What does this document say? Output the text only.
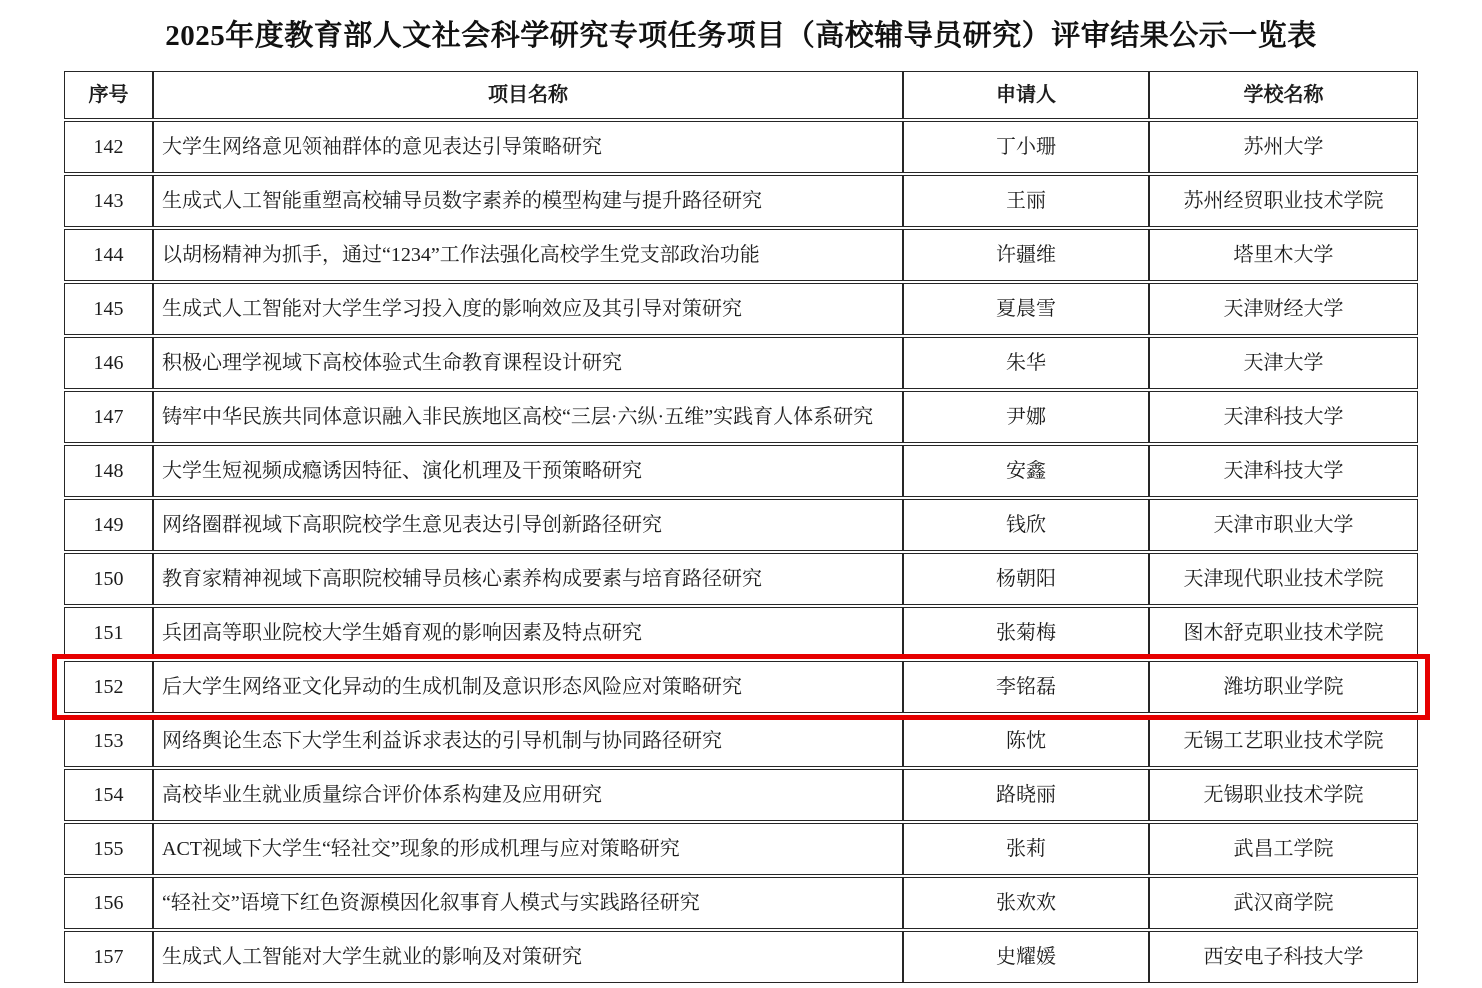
2025年度教育部人文社会科学研究专项任务项目（高校辅导员研究）评审结果公示一览表
序号	项目名称	申请人	学校名称
142	大学生网络意见领袖群体的意见表达引导策略研究	丁小珊	苏州大学
143	生成式人工智能重塑高校辅导员数字素养的模型构建与提升路径研究	王丽	苏州经贸职业技术学院
144	以胡杨精神为抓手，通过“1234”工作法强化高校学生党支部政治功能	许疆维	塔里木大学
145	生成式人工智能对大学生学习投入度的影响效应及其引导对策研究	夏晨雪	天津财经大学
146	积极心理学视域下高校体验式生命教育课程设计研究	朱华	天津大学
147	铸牢中华民族共同体意识融入非民族地区高校“三层·六纵·五维”实践育人体系研究	尹娜	天津科技大学
148	大学生短视频成瘾诱因特征、演化机理及干预策略研究	安鑫	天津科技大学
149	网络圈群视域下高职院校学生意见表达引导创新路径研究	钱欣	天津市职业大学
150	教育家精神视域下高职院校辅导员核心素养构成要素与培育路径研究	杨朝阳	天津现代职业技术学院
151	兵团高等职业院校大学生婚育观的影响因素及特点研究	张菊梅	图木舒克职业技术学院
152	后大学生网络亚文化异动的生成机制及意识形态风险应对策略研究	李铭磊	潍坊职业学院
153	网络舆论生态下大学生利益诉求表达的引导机制与协同路径研究	陈忱	无锡工艺职业技术学院
154	高校毕业生就业质量综合评价体系构建及应用研究	路晓丽	无锡职业技术学院
155	ACT视域下大学生“轻社交”现象的形成机理与应对策略研究	张莉	武昌工学院
156	“轻社交”语境下红色资源模因化叙事育人模式与实践路径研究	张欢欢	武汉商学院
157	生成式人工智能对大学生就业的影响及对策研究	史耀媛	西安电子科技大学
